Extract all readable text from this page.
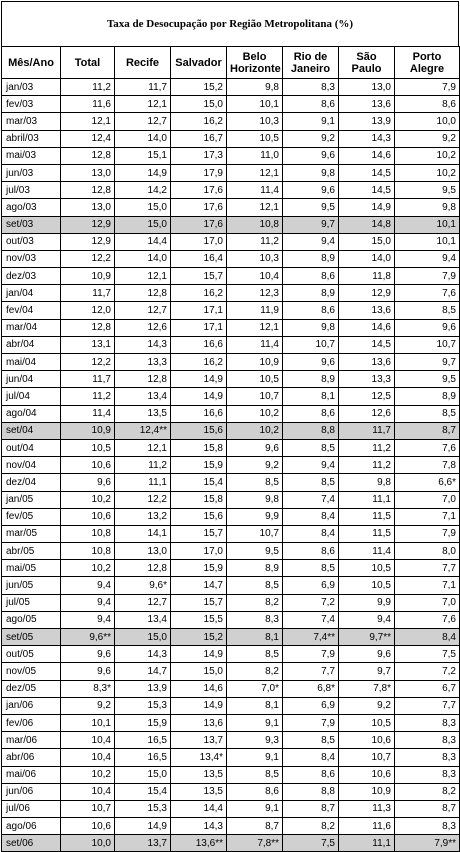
Taxa de Desocupação por Região Metropolitana (%)
Mês/Ano	Total	Recife	Salvador	Belo Horizonte	Rio de Janeiro	São Paulo	Porto Alegre
jan/03	11,2	11,7	15,2	9,8	8,3	13,0	7,9
fev/03	11,6	12,1	15,0	10,1	8,6	13,6	8,6
mar/03	12,1	12,7	16,2	10,3	9,1	13,9	10,0
abril/03	12,4	14,0	16,7	10,5	9,2	14,3	9,2
mai/03	12,8	15,1	17,3	11,0	9,6	14,6	10,2
jun/03	13,0	14,9	17,9	12,1	9,8	14,5	10,2
jul/03	12,8	14,2	17,6	11,4	9,6	14,5	9,5
ago/03	13,0	15,0	17,6	12,1	9,5	14,9	9,8
set/03	12,9	15,0	17,6	10,8	9,7	14,8	10,1
out/03	12,9	14,4	17,0	11,2	9,4	15,0	10,1
nov/03	12,2	14,0	16,4	10,3	8,9	14,0	9,4
dez/03	10,9	12,1	15,7	10,4	8,6	11,8	7,9
jan/04	11,7	12,8	16,2	12,3	8,9	12,9	7,6
fev/04	12,0	12,7	17,1	11,9	8,6	13,6	8,5
mar/04	12,8	12,6	17,1	12,1	9,8	14,6	9,6
abr/04	13,1	14,3	16,6	11,4	10,7	14,5	10,7
mai/04	12,2	13,3	16,2	10,9	9,6	13,6	9,7
jun/04	11,7	12,8	14,9	10,5	8,9	13,3	9,5
jul/04	11,2	13,4	14,9	10,7	8,1	12,5	8,9
ago/04	11,4	13,5	16,6	10,2	8,6	12,6	8,5
set/04	10,9	12,4**	15,6	10,2	8,8	11,7	8,7
out/04	10,5	12,1	15,8	9,6	8,5	11,2	7,6
nov/04	10,6	11,2	15,9	9,2	9,4	11,2	7,8
dez/04	9,6	11,1	15,4	8,5	8,5	9,8	6,6*
jan/05	10,2	12,2	15,8	9,8	7,4	11,1	7,0
fev/05	10,6	13,2	15,6	9,9	8,4	11,5	7,1
mar/05	10,8	14,1	15,7	10,7	8,4	11,5	7,9
abr/05	10,8	13,0	17,0	9,5	8,6	11,4	8,0
mai/05	10,2	12,8	15,9	8,9	8,5	10,5	7,7
jun/05	9,4	9,6*	14,7	8,5	6,9	10,5	7,1
jul/05	9,4	12,7	15,7	8,2	7,2	9,9	7,0
ago/05	9,4	13,4	15,5	8,3	7,4	9,4	7,6
set/05	9,6**	15,0	15,2	8,1	7,4**	9,7**	8,4
out/05	9,6	14,3	14,9	8,5	7,9	9,6	7,5
nov/05	9,6	14,7	15,0	8,2	7,7	9,7	7,2
dez/05	8,3*	13,9	14,6	7,0*	6,8*	7,8*	6,7
jan/06	9,2	15,3	14,9	8,1	6,9	9,2	7,7
fev/06	10,1	15,9	13,6	9,1	7,9	10,5	8,3
mar/06	10,4	16,5	13,7	9,3	8,5	10,6	8,3
abr/06	10,4	16,5	13,4*	9,1	8,4	10,7	8,3
mai/06	10,2	15,0	13,5	8,5	8,6	10,6	8,3
jun/06	10,4	15,4	13,5	8,6	8,8	10,9	8,2
jul/06	10,7	15,3	14,4	9,1	8,7	11,3	8,7
ago/06	10,6	14,9	14,3	8,7	8,2	11,6	8,3
set/06	10,0	13,7	13,6**	7,8**	7,5	11,1	7,9**
